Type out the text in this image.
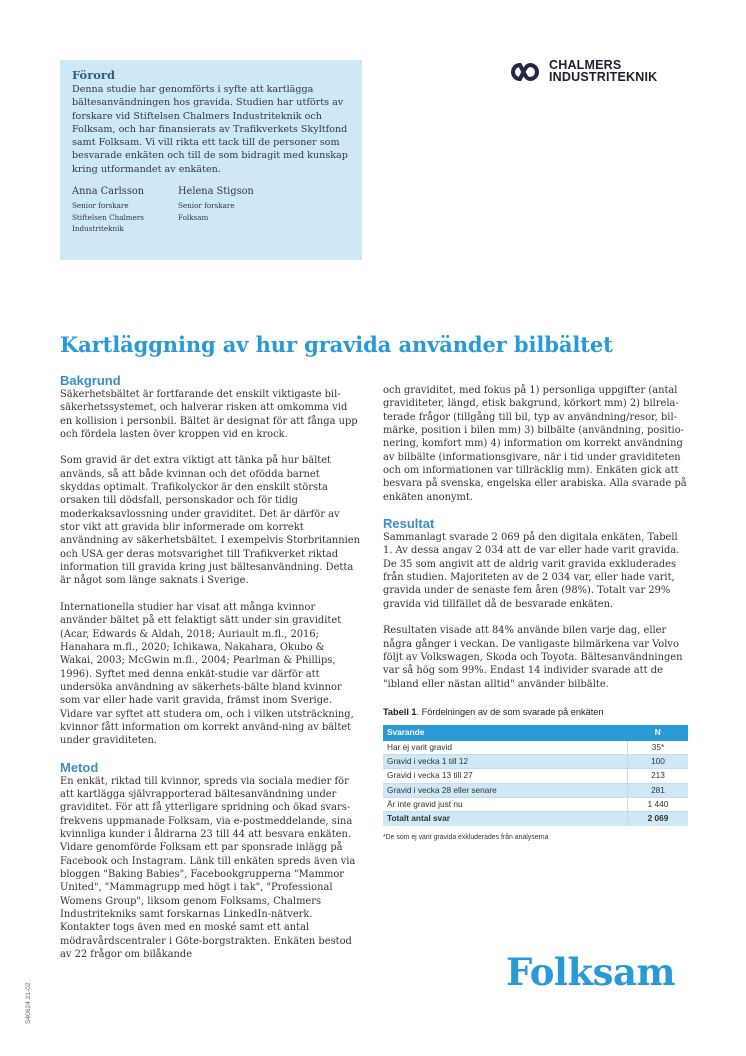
Förord
Denna studie har genomförts i syfte att kartlägga bältesanvändningen hos gravida. Studien har utförts av forskare vid Stiftelsen Chalmers Industriteknik och Folksam, och har finansierats av Trafikverkets Skyltfond samt Folksam. Vi vill rikta ett tack till de personer som besvarade enkäten och till de som bidragit med kunskap kring utformandet av enkäten.
Anna Carlsson
Senior forskare
Stiftelsen Chalmers
Industriteknik
Helena Stigson
Senior forskare
Folksam
CHALMERS
INDUSTRITEKNIK
Kartläggning av hur gravida använder bilbältet
Bakgrund

Säkerhetsbältet är fortfarande det enskilt viktigaste bil-säkerhetssystemet, och halverar risken att omkomma vid en kollision i personbil. Bältet är designat för att fånga upp och fördela lasten över kroppen vid en krock.

Som gravid är det extra viktigt att tänka på hur bältet används, så att både kvinnan och det ofödda barnet skyddas optimalt. Trafikolyckor är den enskilt största orsaken till dödsfall, personskador och för tidig moderkaksavlossning under graviditet. Det är därför av stor vikt att gravida blir informerade om korrekt användning av säkerhetsbältet. I exempelvis Storbritannien och USA ger deras motsvarighet till Trafikverket riktad information till gravida kring just bältesanvändning. Detta är något som länge saknats i Sverige.

Internationella studier har visat att många kvinnor använder bältet på ett felaktigt sätt under sin graviditet (Acar, Edwards & Aldah, 2018; Auriault m.fl., 2016; Hanahara m.fl., 2020; Ichikawa, Nakahara, Okubo & Wakai, 2003; McGwin m.fl., 2004; Pearlman & Phillips, 1996). Syftet med denna enkät-studie var därför att undersöka användning av säkerhets-bälte bland kvinnor som var eller hade varit gravida, främst inom Sverige. Vidare var syftet att studera om, och i vilken utsträckning, kvinnor fått information om korrekt använd-ning av bältet under graviditeten.

Metod

En enkät, riktad till kvinnor, spreds via sociala medier för att kartlägga självrapporterad bältesanvändning under graviditet. För att få ytterligare spridning och ökad svars-frekvens uppmanade Folksam, via e-postmeddelande, sina kvinnliga kunder i åldrarna 23 till 44 att besvara enkäten. Vidare genomförde Folksam ett par sponsrade inlägg på Facebook och Instagram. Länk till enkäten spreds även via bloggen "Baking Babies", Facebookgrupperna "Mammor United", "Mammagrupp med högt i tak", "Professional Womens Group", liksom genom Folksams, Chalmers Industritekniks samt forskarnas LinkedIn-nätverk. Kontakter togs även med en moské samt ett antal mödravårdscentraler i Göte-borgstrakten. Enkäten bestod av 22 frågor om bilåkande

och graviditet, med fokus på 1) personliga uppgifter (antal graviditeter, längd, etisk bakgrund, körkort mm) 2) bilrela-terade frågor (tillgång till bil, typ av användning/resor, bil-märke, position i bilen mm) 3) bilbälte (användning, positio-nering, komfort mm) 4) information om korrekt användning av bilbälte (informationsgivare, när i tid under graviditeten och om informationen var tillräcklig mm). Enkäten gick att besvara på svenska, engelska eller arabiska. Alla svarade på enkäten anonymt.

Resultat

Sammanlagt svarade 2 069 på den digitala enkäten, Tabell 1. Av dessa angav 2 034 att de var eller hade varit gravida. De 35 som angivit att de aldrig varit gravida exkluderades från studien. Majoriteten av de 2 034 var, eller hade varit, gravida under de senaste fem åren (98%). Totalt var 29% gravida vid tillfället då de besvarade enkäten.

Resultaten visade att 84% använde bilen varje dag, eller några gånger i veckan. De vanligaste bilmärkena var Volvo följt av Volkswagen, Skoda och Toyota. Bältesanvändningen var så hög som 99%. Endast 14 individer svarade att de "ibland eller nästan alltid" använder bilbälte.

Tabell 1. Fördelningen av de som svarade på enkäten
Svarande	N
Har ej varit gravid	35*
Gravid i vecka 1 till 12	100
Gravid i vecka 13 till 27	213
Gravid i vecka 28 eller senare	281
Är inte gravid just nu	1 440
Totalt antal svar	2 069
*De som ej varit gravida exkluderades från analyserna
Folksam
S40624 21-02
